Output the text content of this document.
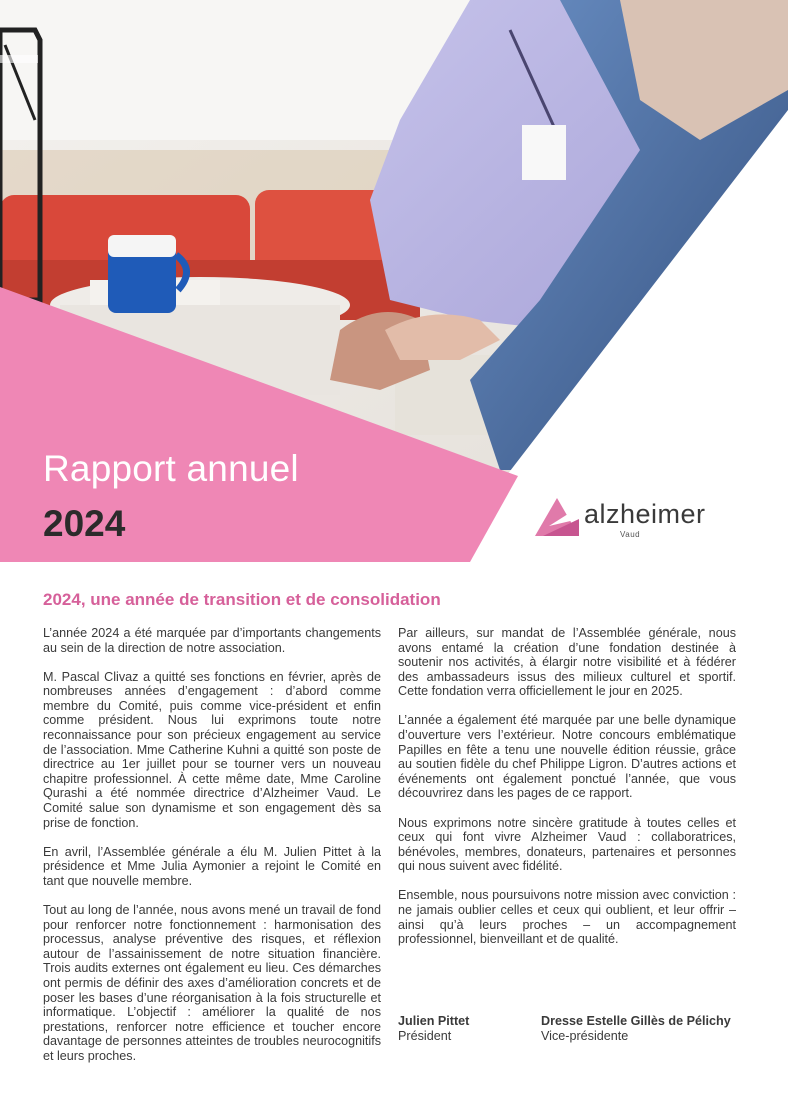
Rapport annuel
2024	alzheimer
Vaud
2024, une année de transition et de consolidation

L’année 2024 a été marquée par d’importants changements au sein de la direction de notre association.

M. Pascal Clivaz a quitté ses fonctions en février, après de nombreuses années d’engagement : d’abord comme membre du Comité, puis comme vice-président et enfin comme président. Nous lui exprimons toute notre reconnaissance pour son précieux engagement au service de l’association. Mme Catherine Kuhni a quitté son poste de directrice au 1er juillet pour se tourner vers un nouveau chapitre professionnel. À cette même date, Mme Caroline Qurashi a été nommée directrice d’Alzheimer Vaud. Le Comité salue son dynamisme et son engagement dès sa prise de fonction.

En avril, l’Assemblée générale a élu M. Julien Pittet à la présidence et Mme Julia Aymonier a rejoint le Comité en tant que nouvelle membre.

Tout au long de l’année, nous avons mené un travail de fond pour renforcer notre fonctionnement : harmonisation des processus, analyse préventive des risques, et réflexion autour de l’assainissement de notre situation financière. Trois audits externes ont également eu lieu. Ces démarches ont permis de définir des axes d’amélioration concrets et de poser les bases d’une réorganisation à la fois structurelle et informatique. L’objectif : améliorer la qualité de nos prestations, renforcer notre efficience et toucher encore davantage de personnes atteintes de troubles neurocognitifs et leurs proches.

Par ailleurs, sur mandat de l’Assemblée générale, nous avons entamé la création d’une fondation destinée à soutenir nos activités, à élargir notre visibilité et à fédérer des ambassadeurs issus des milieux culturel et sportif. Cette fondation verra officiellement le jour en 2025.

L’année a également été marquée par une belle dynamique d’ouverture vers l’extérieur. Notre concours emblématique Papilles en fête a tenu une nouvelle édition réussie, grâce au soutien fidèle du chef Philippe Ligron. D’autres actions et événements ont également ponctué l’année, que vous découvrirez dans les pages de ce rapport.

Nous exprimons notre sincère gratitude à toutes celles et ceux qui font vivre Alzheimer Vaud : collaboratrices, bénévoles, membres, donateurs, partenaires et personnes qui nous suivent avec fidélité.

Ensemble, nous poursuivons notre mission avec conviction : ne jamais oublier celles et ceux qui oublient, et leur offrir – ainsi qu’à leurs proches – un accompagnement professionnel, bienveillant et de qualité.

Julien Pittet
Président
Dresse Estelle Gillès de Pélichy
Vice-présidente
